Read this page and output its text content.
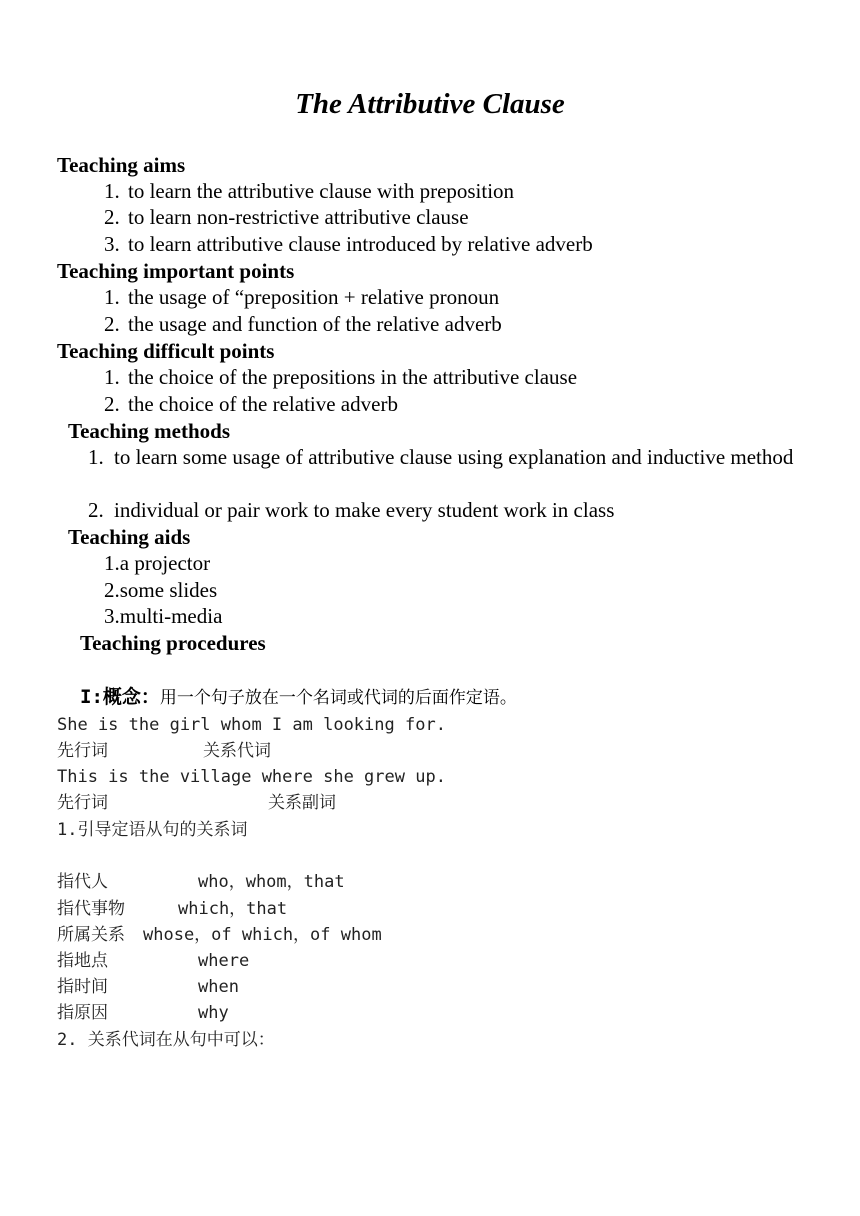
The Attributive Clause
Teaching aims
1. to learn the attributive clause with preposition
2. to learn non-restrictive attributive clause
3. to learn attributive clause introduced by relative adverb
Teaching important points
1. the usage of “preposition + relative pronoun
2. the usage and function of the relative adverb
Teaching difficult points
1. the choice of the prepositions in the attributive clause
2. the choice of the relative adverb
Teaching methods
1. to learn some usage of attributive clause using explanation and inductive method
2. individual or pair work to make every student work in class
Teaching aids
1.a projector
2.some slides
3.multi-media
Teaching procedures
I:概念：用一个句子放在一个名词或代词的后面作定语。
She is the girl whom I am looking for.
先行词	关系代词
This is the village where she grew up.
先行词	关系副词
1.引导定语从句的关系词
指代人	who，whom，that
指代事物	which，that
所属关系 whose，of which，of whom
指地点	where
指时间	when
指原因	why
2. 关系代词在从句中可以：
